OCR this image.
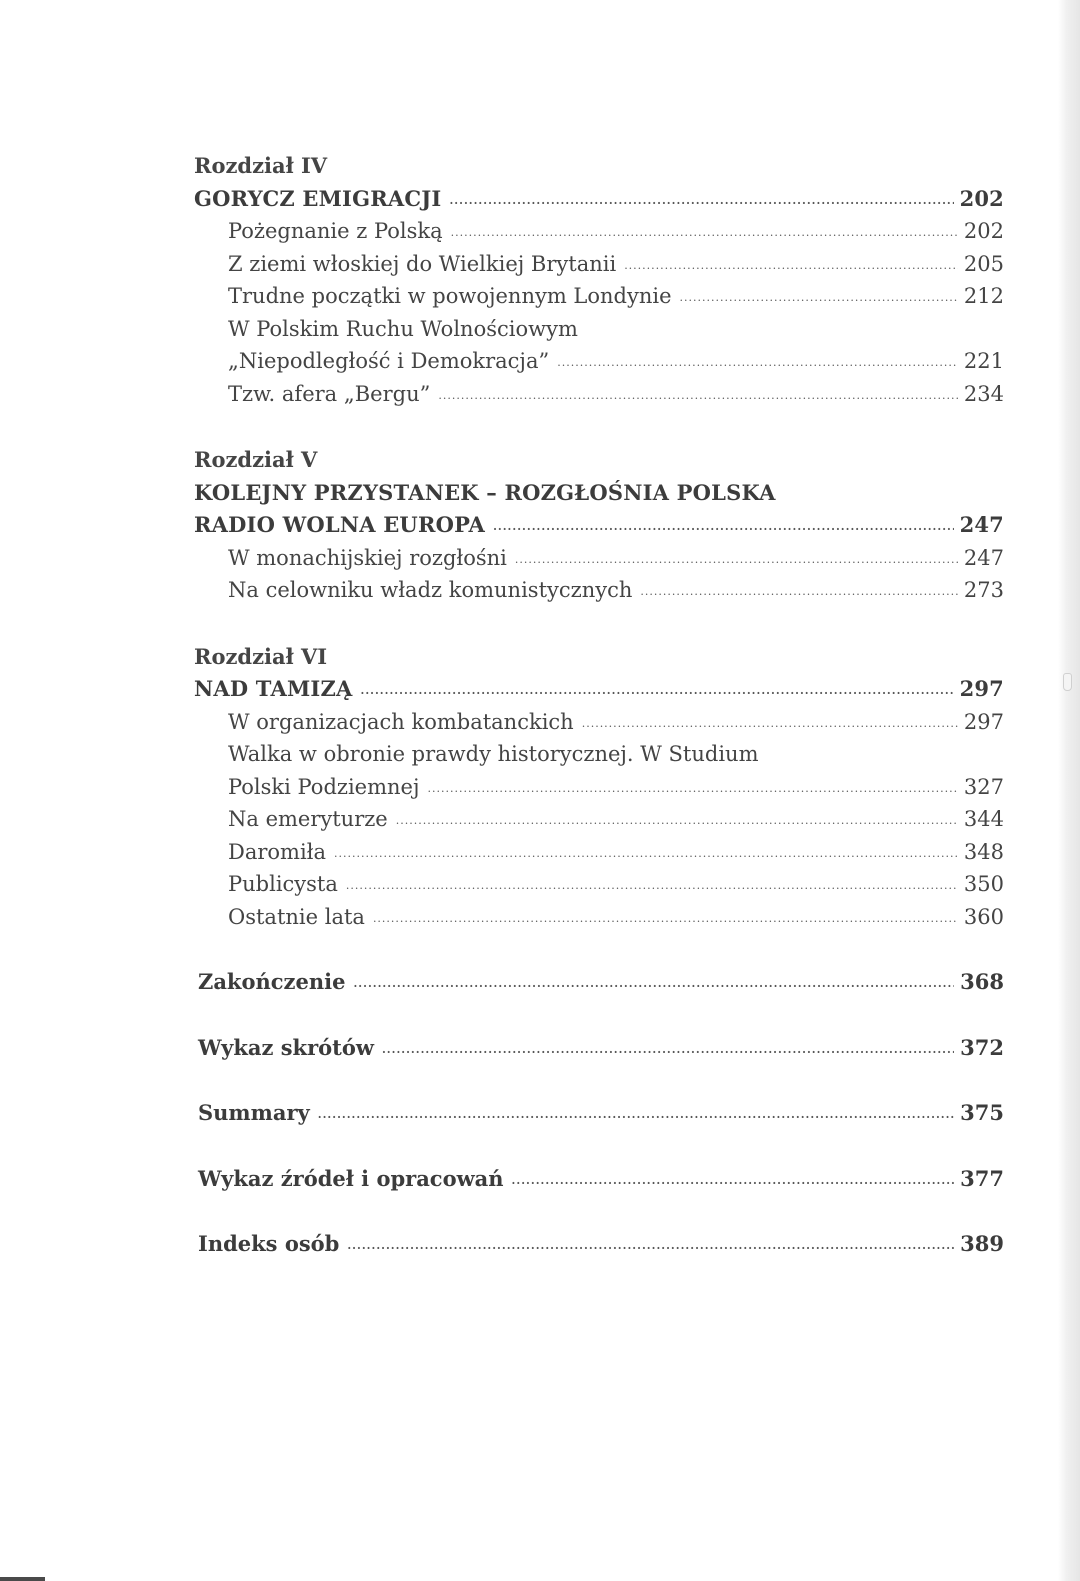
Rozdział IV
GORYCZ EMIGRACJI .....	202
Pożegnanie z Polską .....	202
Z ziemi włoskiej do Wielkiej Brytanii .....	205
Trudne początki w powojennym Londynie .....	212
W Polskim Ruchu Wolnościowym
„Niepodległość i Demokracja” .....	221
Tzw. afera „Bergu” .....	234
Rozdział V
KOLEJNY PRZYSTANEK – ROZGŁOŚNIA POLSKA
RADIO WOLNA EUROPA .....	247
W monachijskiej rozgłośni .....	247
Na celowniku władz komunistycznych .....	273
Rozdział VI
NAD TAMIZĄ .....	297
W organizacjach kombatanckich .....	297
Walka w obronie prawdy historycznej. W Studium
Polski Podziemnej .....	327
Na emeryturze .....	344
Daromiła .....	348
Publicysta .....	350
Ostatnie lata .....	360
Zakończenie .....	368
Wykaz skrótów .....	372
Summary .....	375
Wykaz źródeł i opracowań .....	377
Indeks osób .....	389
